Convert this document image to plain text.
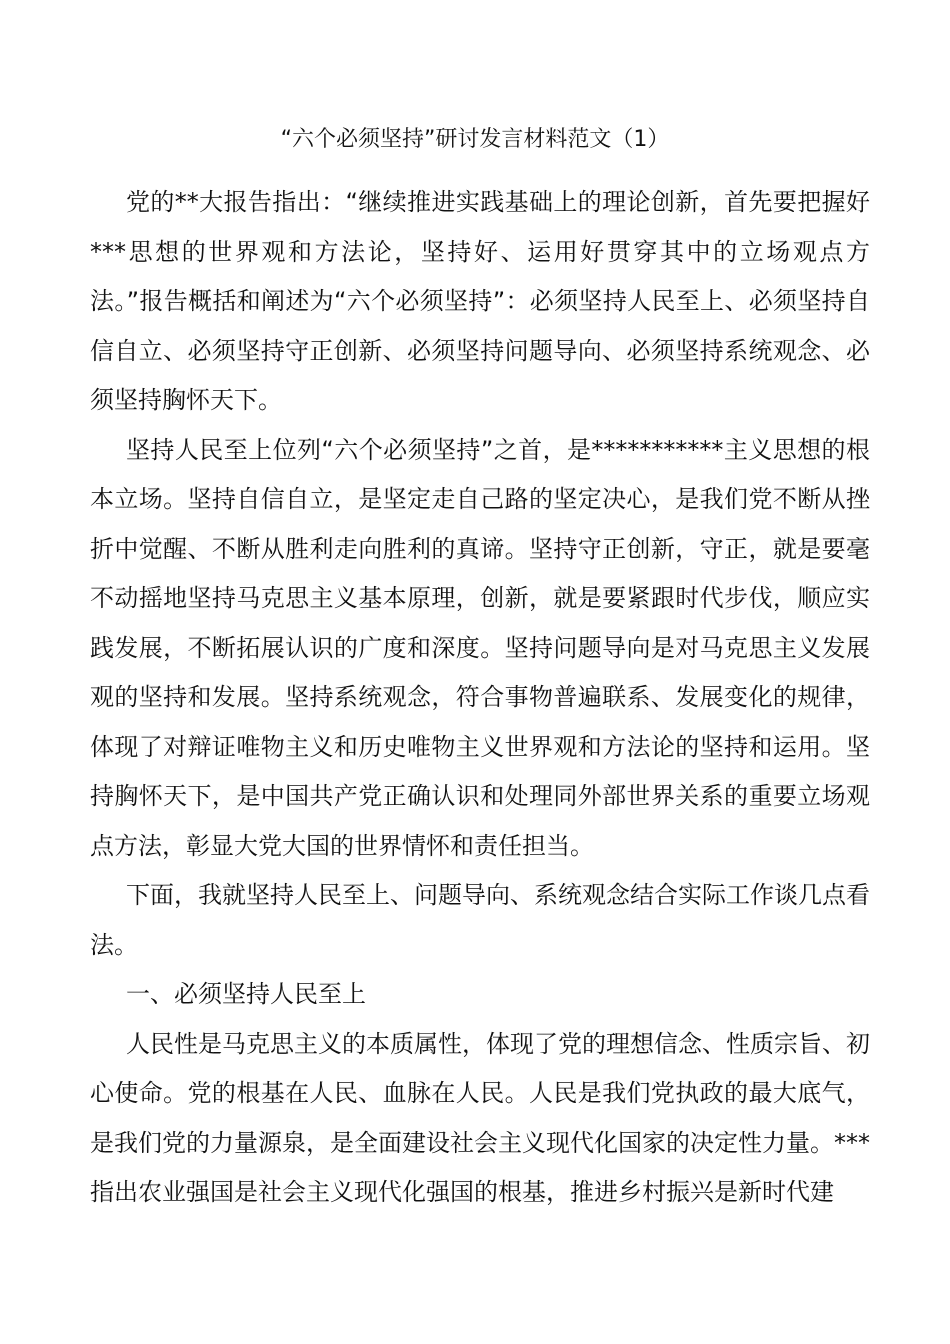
“六个必须坚持”研讨发言材料范文（1）

党的**大报告指出：“继续推进实践基础上的理论创新，首先要把握好***思想的世界观和方法论，坚持好、运用好贯穿其中的立场观点方法。”报告概括和阐述为“六个必须坚持”：必须坚持人民至上、必须坚持自信自立、必须坚持守正创新、必须坚持问题导向、必须坚持系统观念、必须坚持胸怀天下。

坚持人民至上位列“六个必须坚持”之首，是***********主义思想的根本立场。坚持自信自立，是坚定走自己路的坚定决心，是我们党不断从挫折中觉醒、不断从胜利走向胜利的真谛。坚持守正创新，守正，就是要毫不动摇地坚持马克思主义基本原理，创新，就是要紧跟时代步伐，顺应实践发展，不断拓展认识的广度和深度。坚持问题导向是对马克思主义发展观的坚持和发展。坚持系统观念，符合事物普遍联系、发展变化的规律，体现了对辩证唯物主义和历史唯物主义世界观和方法论的坚持和运用。坚持胸怀天下，是中国共产党正确认识和处理同外部世界关系的重要立场观点方法，彰显大党大国的世界情怀和责任担当。

下面，我就坚持人民至上、问题导向、系统观念结合实际工作谈几点看法。

一、必须坚持人民至上

人民性是马克思主义的本质属性，体现了党的理想信念、性质宗旨、初心使命。党的根基在人民、血脉在人民。人民是我们党执政的最大底气，是我们党的力量源泉，是全面建设社会主义现代化国家的决定性力量。***指出农业强国是社会主义现代化强国的根基，推进乡村振兴是新时代建
